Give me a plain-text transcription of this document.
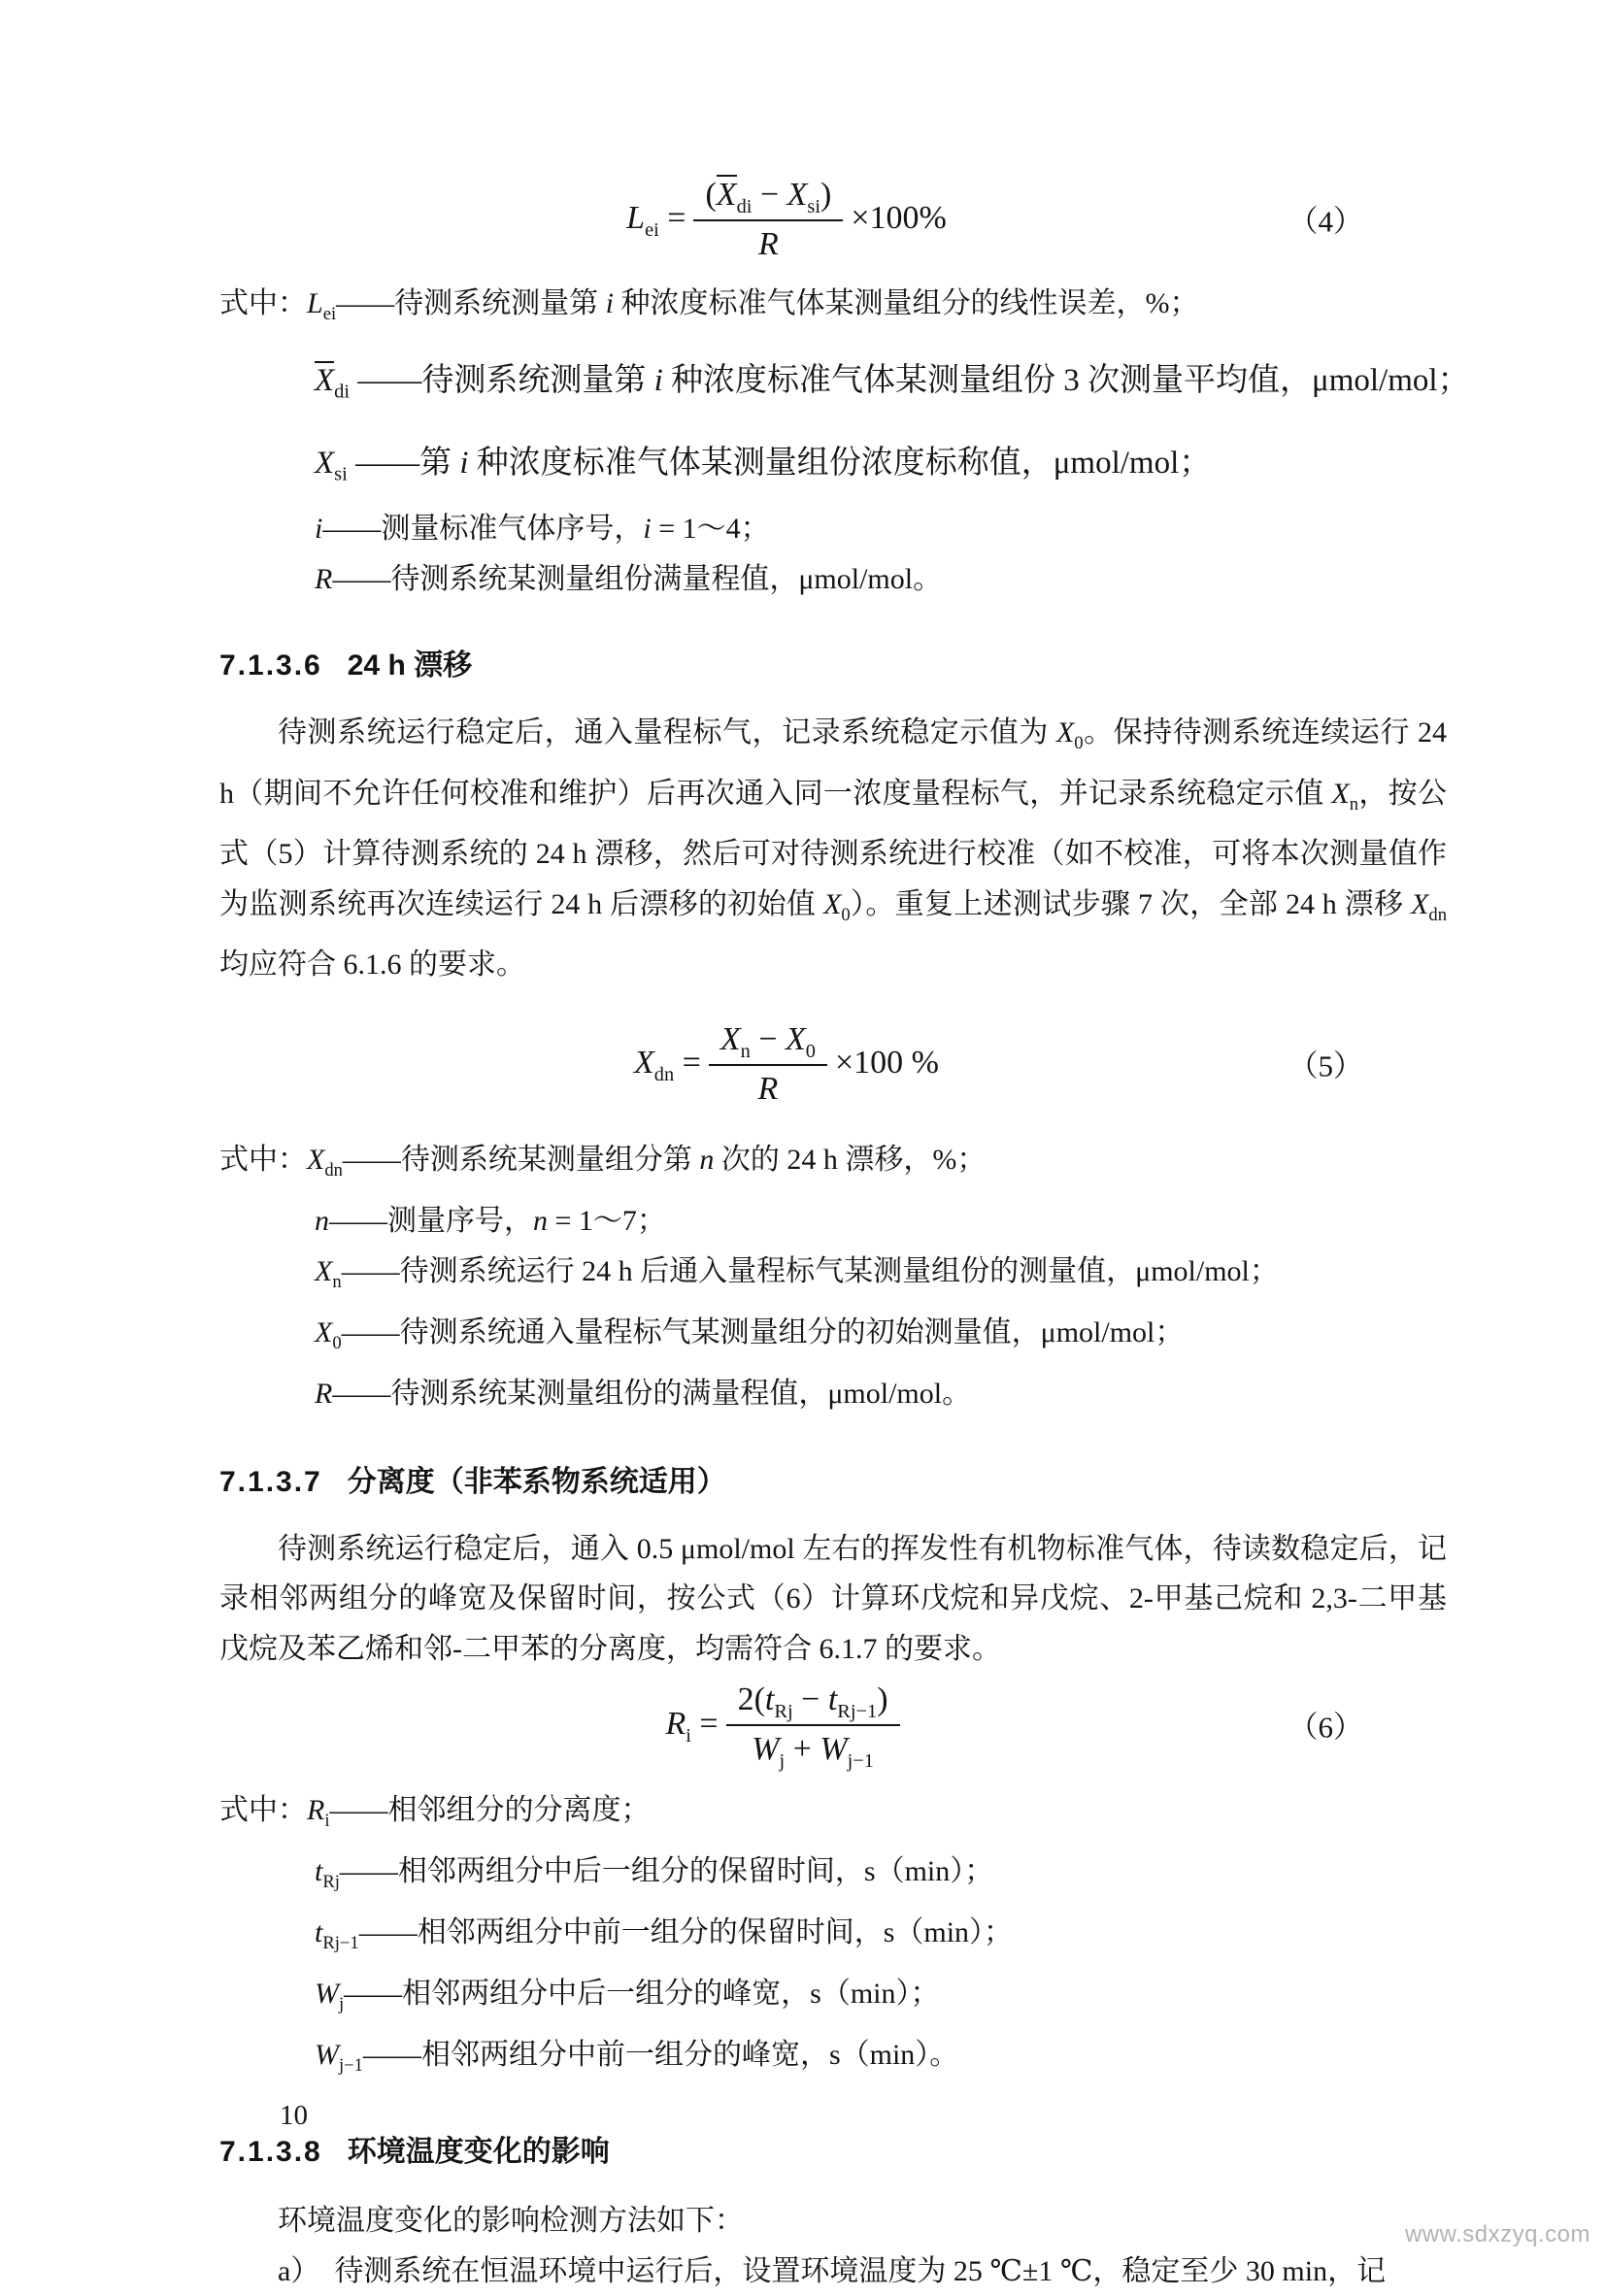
$L_{ei} = \frac{(X_{di} - X_{si})}{R} \times 100\%$	（4）

式中：$L_{ei}——$待测系统测量第 i 种浓度标准气体某测量组分的线性误差，%；

$X_{di}$ ——待测系统测量第 i 种浓度标准气体某测量组份 3 次测量平均值，μmol/mol；

$X_{si}$ ——第 i 种浓度标准气体某测量组份浓度标称值，μmol/mol；

i——测量标准气体序号，i = 1～4；

R——待测系统某测量组份满量程值，μmol/mol。

7.1.3.6 24 h 漂移

待测系统运行稳定后，通入量程标气，记录系统稳定示值为 $X_0$。保持待测系统连续运行 24 h（期间不允许任何校准和维护）后再次通入同一浓度量程标气，并记录系统稳定示值 $X_n$，按公式（5）计算待测系统的 24 h 漂移，然后可对待测系统进行校准（如不校准，可将本次测量值作为监测系统再次连续运行 24 h 后漂移的初始值 $X_0$）。重复上述测试步骤 7 次，全部 24 h 漂移 $X_{dn}$ 均应符合 6.1.6 的要求。

$X_{dn} = \frac{X_n - X_0}{R} \times 100$ %	（5）

式中：$X_{dn}——$待测系统某测量组分第 n 次的 24 h 漂移，%；

n——测量序号，n = 1～7；

$X_n——$待测系统运行 24 h 后通入量程标气某测量组份的测量值，μmol/mol；

$X_0——$待测系统通入量程标气某测量组分的初始测量值，μmol/mol；

R——待测系统某测量组份的满量程值，μmol/mol。

7.1.3.7 分离度（非苯系物系统适用）

待测系统运行稳定后，通入 0.5 μmol/mol 左右的挥发性有机物标准气体，待读数稳定后，记录相邻两组分的峰宽及保留时间，按公式（6）计算环戊烷和异戊烷、2-甲基己烷和 2,3-二甲基戊烷及苯乙烯和邻-二甲苯的分离度，均需符合 6.1.7 的要求。

$R_i = \frac{2(t_{Rj} - t_{Rj-1})}{W_j + W_{j-1}}$	（6）

式中：$R_i——$相邻组分的分离度；

$t_{Rj}——$相邻两组分中后一组分的保留时间，s（min）；

$t_{Rj-1}——$相邻两组分中前一组分的保留时间，s（min）；

$W_j——$相邻两组分中后一组分的峰宽，s（min）；

$W_{j-1}——$相邻两组分中前一组分的峰宽，s（min）。

7.1.3.8 环境温度变化的影响

环境温度变化的影响检测方法如下：

a）　待测系统在恒温环境中运行后，设置环境温度为 25 ℃±1 ℃，稳定至少 30 min，记

10
www.sdxzyq.com
